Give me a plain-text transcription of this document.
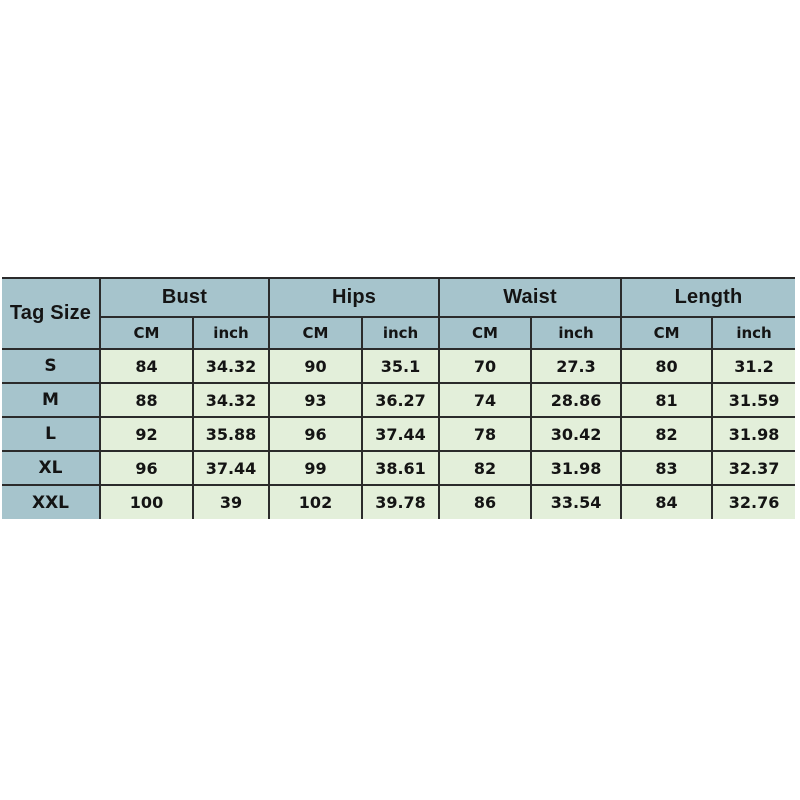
Tag Size	Bust		Hips		Waist		Length	
	CM	inch	CM	inch	CM	inch	CM	inch
S	84	34.32	90	35.1	70	27.3	80	31.2
M	88	34.32	93	36.27	74	28.86	81	31.59
L	92	35.88	96	37.44	78	30.42	82	31.98
XL	96	37.44	99	38.61	82	31.98	83	32.37
XXL	100	39	102	39.78	86	33.54	84	32.76
